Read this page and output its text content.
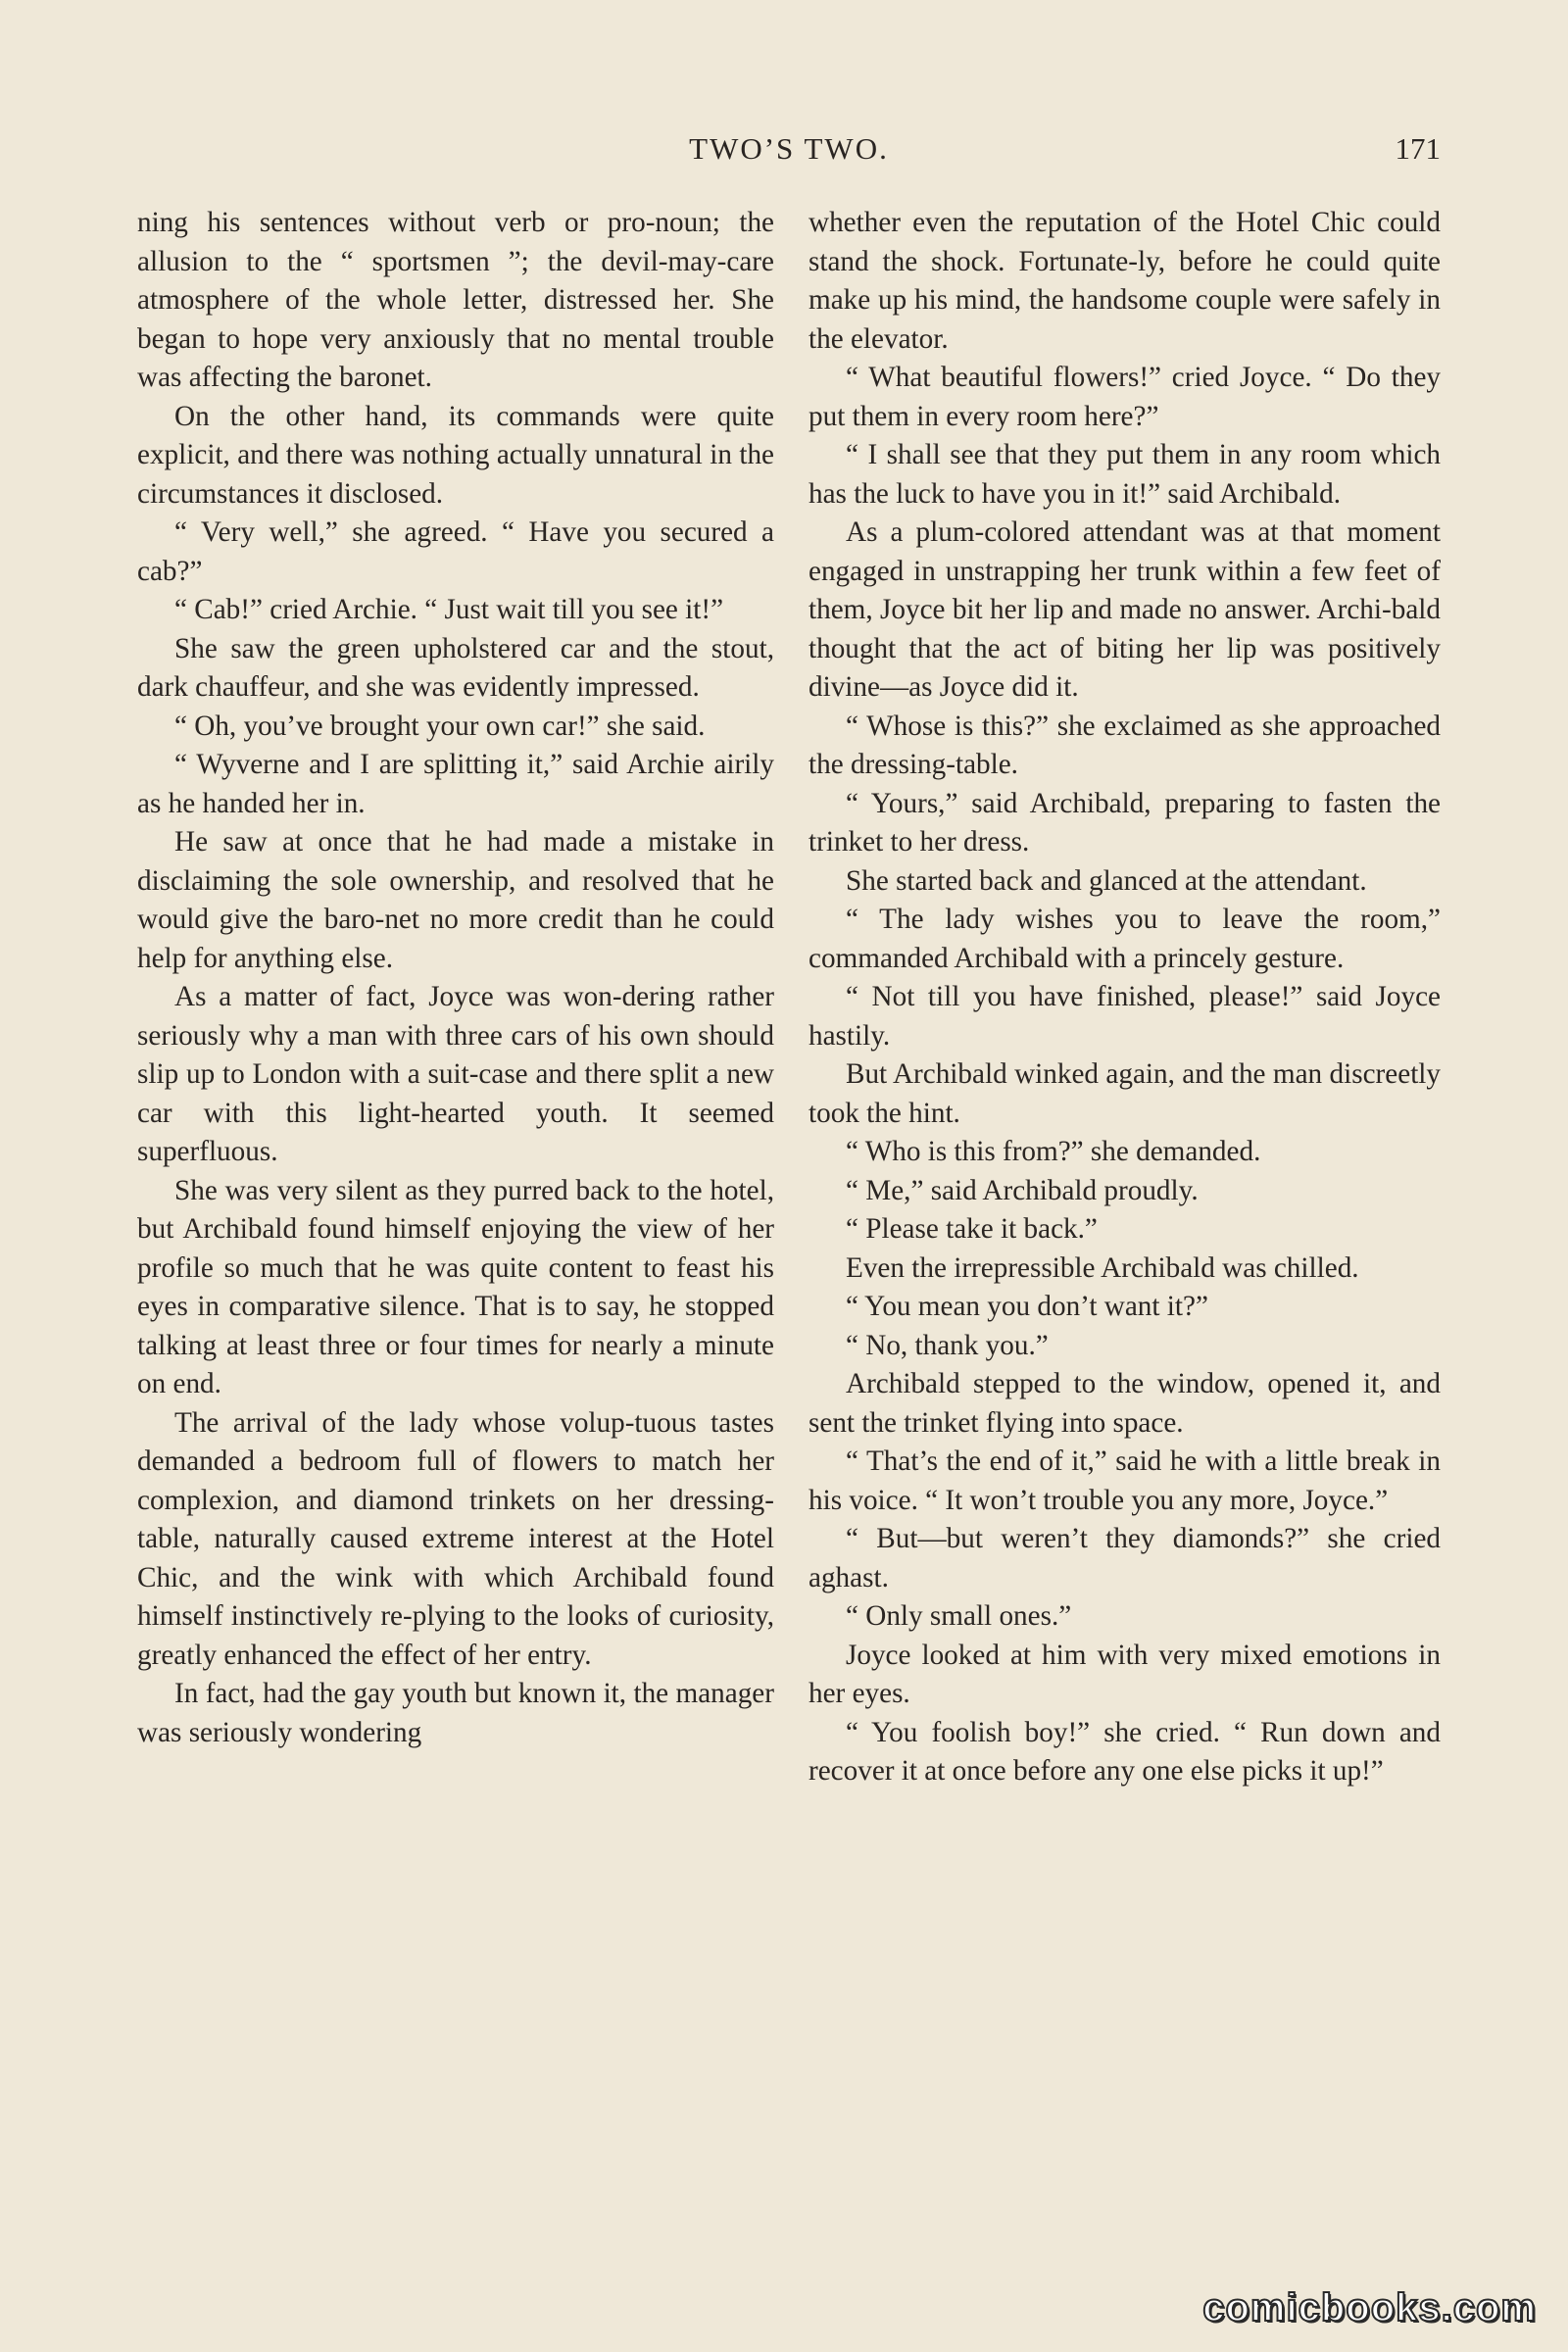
TWO’S TWO.	171

ning his sentences without verb or pro-noun; the allusion to the “ sportsmen ”; the devil-may-care atmosphere of the whole letter, distressed her. She began to hope very anxiously that no mental trouble was affecting the baronet.

On the other hand, its commands were quite explicit, and there was nothing actually unnatural in the circumstances it disclosed.

“ Very well,” she agreed. “ Have you secured a cab?”

“ Cab!” cried Archie. “ Just wait till you see it!”

She saw the green upholstered car and the stout, dark chauffeur, and she was evidently impressed.

“ Oh, you’ve brought your own car!” she said.

“ Wyverne and I are splitting it,” said Archie airily as he handed her in.

He saw at once that he had made a mistake in disclaiming the sole ownership, and resolved that he would give the baro-net no more credit than he could help for anything else.

As a matter of fact, Joyce was won-dering rather seriously why a man with three cars of his own should slip up to London with a suit-case and there split a new car with this light-hearted youth. It seemed superfluous.

She was very silent as they purred back to the hotel, but Archibald found himself enjoying the view of her profile so much that he was quite content to feast his eyes in comparative silence. That is to say, he stopped talking at least three or four times for nearly a minute on end.

The arrival of the lady whose volup-tuous tastes demanded a bedroom full of flowers to match her complexion, and diamond trinkets on her dressing-table, naturally caused extreme interest at the Hotel Chic, and the wink with which Archibald found himself instinctively re-plying to the looks of curiosity, greatly enhanced the effect of her entry.

In fact, had the gay youth but known it, the manager was seriously wondering

whether even the reputation of the Hotel Chic could stand the shock. Fortunate-ly, before he could quite make up his mind, the handsome couple were safely in the elevator.

“ What beautiful flowers!” cried Joyce. “ Do they put them in every room here?”

“ I shall see that they put them in any room which has the luck to have you in it!” said Archibald.

As a plum-colored attendant was at that moment engaged in unstrapping her trunk within a few feet of them, Joyce bit her lip and made no answer. Archi-bald thought that the act of biting her lip was positively divine—as Joyce did it.

“ Whose is this?” she exclaimed as she approached the dressing-table.

“ Yours,” said Archibald, preparing to fasten the trinket to her dress.

She started back and glanced at the attendant.

“ The lady wishes you to leave the room,” commanded Archibald with a princely gesture.

“ Not till you have finished, please!” said Joyce hastily.

But Archibald winked again, and the man discreetly took the hint.

“ Who is this from?” she demanded.

“ Me,” said Archibald proudly.

“ Please take it back.”

Even the irrepressible Archibald was chilled.

“ You mean you don’t want it?”

“ No, thank you.”

Archibald stepped to the window, opened it, and sent the trinket flying into space.

“ That’s the end of it,” said he with a little break in his voice. “ It won’t trouble you any more, Joyce.”

“ But—but weren’t they diamonds?” she cried aghast.

“ Only small ones.”

Joyce looked at him with very mixed emotions in her eyes.

“ You foolish boy!” she cried. “ Run down and recover it at once before any one else picks it up!”

comicbooks.com
